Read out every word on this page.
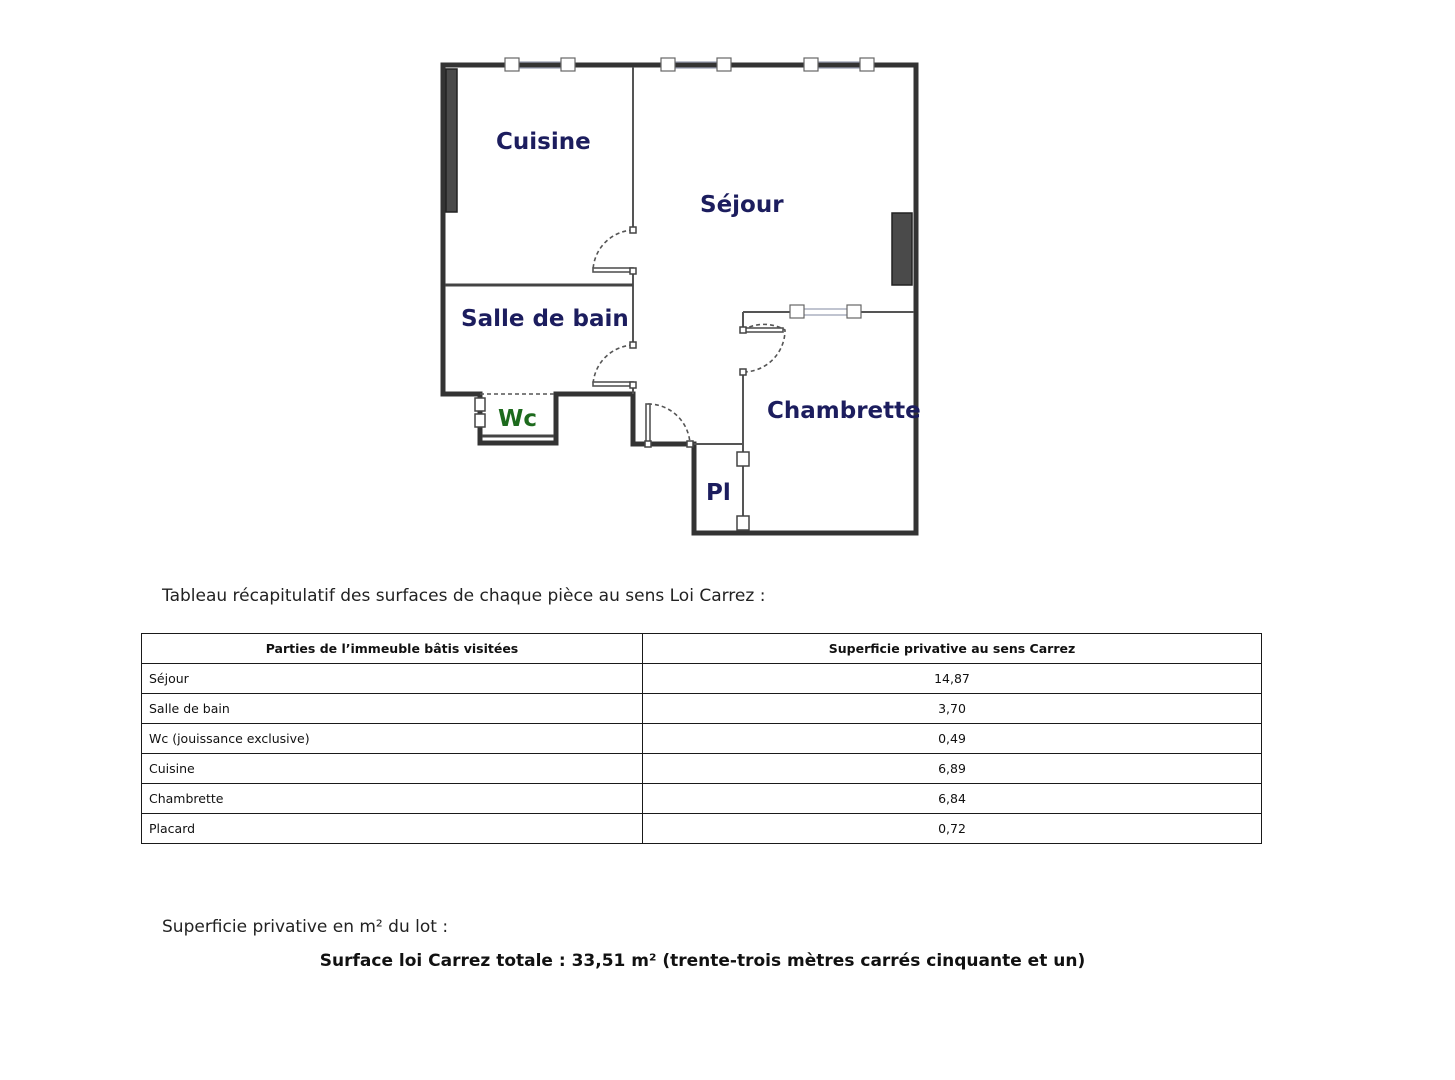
Cuisine
Séjour
Salle de bain
Wc	Chambrette
Pl

Tableau récapitulatif des surfaces de chaque pièce au sens Loi Carrez :

Parties de l’immeuble bâtis visitées	Superficie privative au sens Carrez
Séjour	14,87
Salle de bain	3,70
Wc (jouissance exclusive)	0,49
Cuisine	6,89
Chambrette	6,84
Placard	0,72

Superficie privative en m² du lot :

Surface loi Carrez totale : 33,51 m² (trente-trois mètres carrés cinquante et un)
